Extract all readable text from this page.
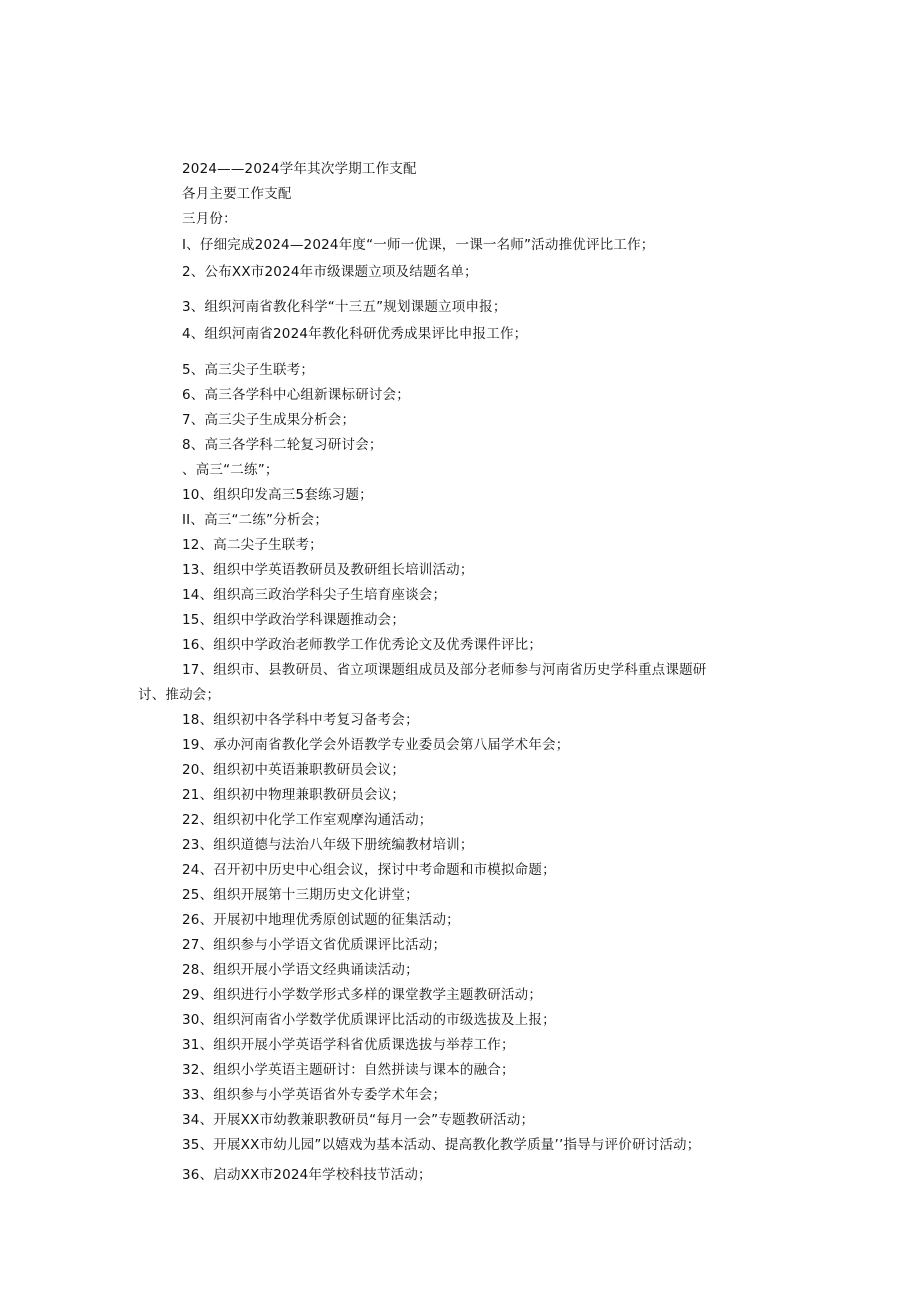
2024——2024学年其次学期工作支配
各月主要工作支配
三月份：
I、仔细完成2024—2024年度“一师一优课，一课一名师”活动推优评比工作；
2、公布XX市2024年市级课题立项及结题名单；
3、组织河南省教化科学“十三五”规划课题立项申报；
4、组织河南省2024年教化科研优秀成果评比申报工作；
5、高三尖子生联考；
6、高三各学科中心组新课标研讨会；
7、高三尖子生成果分析会；
8、高三各学科二轮复习研讨会；
、高三“二练”；
10、组织印发高三5套练习题；
II、高三“二练”分析会；
12、高二尖子生联考；
13、组织中学英语教研员及教研组长培训活动；
14、组织高三政治学科尖子生培育座谈会；
15、组织中学政治学科课题推动会；
16、组织中学政治老师教学工作优秀论文及优秀课件评比；
17、组织市、县教研员、省立项课题组成员及部分老师参与河南省历史学科重点课题研
讨、推动会；
18、组织初中各学科中考复习备考会；
19、承办河南省教化学会外语教学专业委员会第八届学术年会；
20、组织初中英语兼职教研员会议；
21、组织初中物理兼职教研员会议；
22、组织初中化学工作室观摩沟通活动；
23、组织道德与法治八年级下册统编教材培训；
24、召开初中历史中心组会议，探讨中考命题和市模拟命题；
25、组织开展第十三期历史文化讲堂；
26、开展初中地理优秀原创试题的征集活动；
27、组织参与小学语文省优质课评比活动；
28、组织开展小学语文经典诵读活动；
29、组织进行小学数学形式多样的课堂教学主题教研活动；
30、组织河南省小学数学优质课评比活动的市级选拔及上报；
31、组织开展小学英语学科省优质课选拔与举荐工作；
32、组织小学英语主题研讨：自然拼读与课本的融合；
33、组织参与小学英语省外专委学术年会；
34、开展XX市幼教兼职教研员“每月一会”专题教研活动；
35、开展XX市幼儿园”以嬉戏为基本活动、提高教化教学质量’’指导与评价研讨活动；
36、启动XX市2024年学校科技节活动；
